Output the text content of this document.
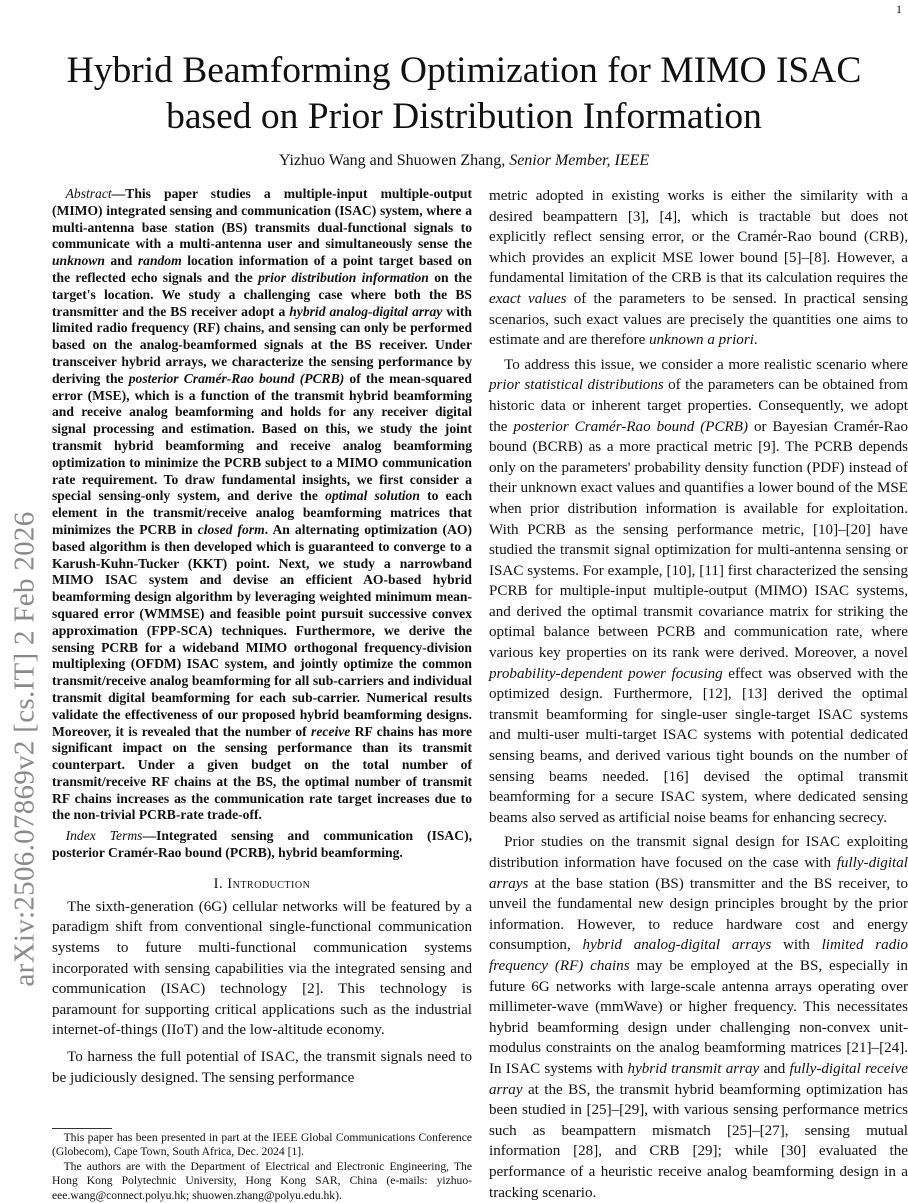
1
arXiv:2506.07869v2 [cs.IT] 2 Feb 2026
Hybrid Beamforming Optimization for MIMO ISAC
based on Prior Distribution Information
Yizhuo Wang and Shuowen Zhang, Senior Member, IEEE

Abstract—This paper studies a multiple-input multiple-output (MIMO) integrated sensing and communication (ISAC) system, where a multi-antenna base station (BS) transmits dual-functional signals to communicate with a multi-antenna user and simultaneously sense the unknown and random location information of a point target based on the reflected echo signals and the prior distribution information on the target's location. We study a challenging case where both the BS transmitter and the BS receiver adopt a hybrid analog-digital array with limited radio frequency (RF) chains, and sensing can only be performed based on the analog-beamformed signals at the BS receiver. Under transceiver hybrid arrays, we characterize the sensing performance by deriving the posterior Cramér-Rao bound (PCRB) of the mean-squared error (MSE), which is a function of the transmit hybrid beamforming and receive analog beamforming and holds for any receiver digital signal processing and estimation. Based on this, we study the joint transmit hybrid beamforming and receive analog beamforming optimization to minimize the PCRB subject to a MIMO communication rate requirement. To draw fundamental insights, we first consider a special sensing-only system, and derive the optimal solution to each element in the transmit/receive analog beamforming matrices that minimizes the PCRB in closed form. An alternating optimization (AO) based algorithm is then developed which is guaranteed to converge to a Karush-Kuhn-Tucker (KKT) point. Next, we study a narrowband MIMO ISAC system and devise an efficient AO-based hybrid beamforming design algorithm by leveraging weighted minimum mean-squared error (WMMSE) and feasible point pursuit successive convex approximation (FPP-SCA) techniques. Furthermore, we derive the sensing PCRB for a wideband MIMO orthogonal frequency-division multiplexing (OFDM) ISAC system, and jointly optimize the common transmit/receive analog beamforming for all sub-carriers and individual transmit digital beamforming for each sub-carrier. Numerical results validate the effectiveness of our proposed hybrid beamforming designs. Moreover, it is revealed that the number of receive RF chains has more significant impact on the sensing performance than its transmit counterpart. Under a given budget on the total number of transmit/receive RF chains at the BS, the optimal number of transmit RF chains increases as the communication rate target increases due to the non-trivial PCRB-rate trade-off.

Index Terms—Integrated sensing and communication (ISAC), posterior Cramér-Rao bound (PCRB), hybrid beamforming.

I. Introduction

The sixth-generation (6G) cellular networks will be featured by a paradigm shift from conventional single-functional communication systems to future multi-functional communication systems incorporated with sensing capabilities via the integrated sensing and communication (ISAC) technology [2]. This technology is paramount for supporting critical applications such as the industrial internet-of-things (IIoT) and the low-altitude economy.

To harness the full potential of ISAC, the transmit signals need to be judiciously designed. The sensing performance

This paper has been presented in part at the IEEE Global Communications Conference (Globecom), Cape Town, South Africa, Dec. 2024 [1].

The authors are with the Department of Electrical and Electronic Engineering, The Hong Kong Polytechnic University, Hong Kong SAR, China (e-mails: yizhuo-eee.wang@connect.polyu.hk; shuowen.zhang@polyu.edu.hk).

metric adopted in existing works is either the similarity with a desired beampattern [3], [4], which is tractable but does not explicitly reflect sensing error, or the Cramér-Rao bound (CRB), which provides an explicit MSE lower bound [5]–[8]. However, a fundamental limitation of the CRB is that its calculation requires the exact values of the parameters to be sensed. In practical sensing scenarios, such exact values are precisely the quantities one aims to estimate and are therefore unknown a priori.

To address this issue, we consider a more realistic scenario where prior statistical distributions of the parameters can be obtained from historic data or inherent target properties. Consequently, we adopt the posterior Cramér-Rao bound (PCRB) or Bayesian Cramér-Rao bound (BCRB) as a more practical metric [9]. The PCRB depends only on the parameters' probability density function (PDF) instead of their unknown exact values and quantifies a lower bound of the MSE when prior distribution information is available for exploitation. With PCRB as the sensing performance metric, [10]–[20] have studied the transmit signal optimization for multi-antenna sensing or ISAC systems. For example, [10], [11] first characterized the sensing PCRB for multiple-input multiple-output (MIMO) ISAC systems, and derived the optimal transmit covariance matrix for striking the optimal balance between PCRB and communication rate, where various key properties on its rank were derived. Moreover, a novel probability-dependent power focusing effect was observed with the optimized design. Furthermore, [12], [13] derived the optimal transmit beamforming for single-user single-target ISAC systems and multi-user multi-target ISAC systems with potential dedicated sensing beams, and derived various tight bounds on the number of sensing beams needed. [16] devised the optimal transmit beamforming for a secure ISAC system, where dedicated sensing beams also served as artificial noise beams for enhancing secrecy.

Prior studies on the transmit signal design for ISAC exploiting distribution information have focused on the case with fully-digital arrays at the base station (BS) transmitter and the BS receiver, to unveil the fundamental new design principles brought by the prior information. However, to reduce hardware cost and energy consumption, hybrid analog-digital arrays with limited radio frequency (RF) chains may be employed at the BS, especially in future 6G networks with large-scale antenna arrays operating over millimeter-wave (mmWave) or higher frequency. This necessitates hybrid beamforming design under challenging non-convex unit-modulus constraints on the analog beamforming matrices [21]–[24]. In ISAC systems with hybrid transmit array and fully-digital receive array at the BS, the transmit hybrid beamforming optimization has been studied in [25]–[29], with various sensing performance metrics such as beampattern mismatch [25]–[27], sensing mutual information [28], and CRB [29]; while [30] evaluated the performance of a heuristic receive analog beamforming design in a tracking scenario.
